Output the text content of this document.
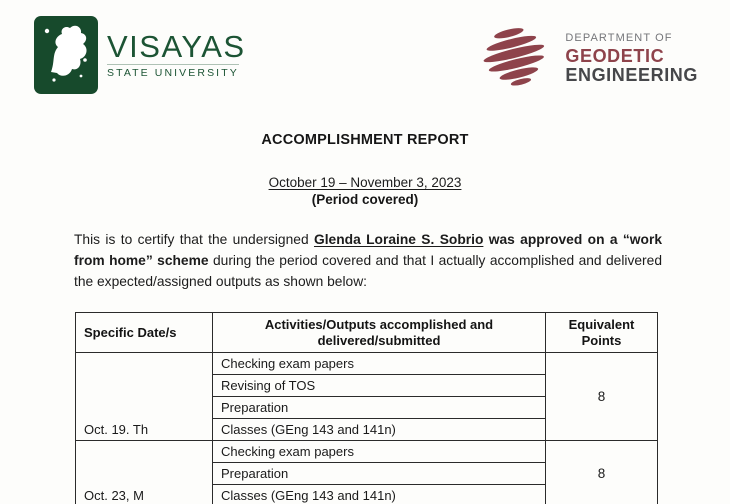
VISAYAS
STATE UNIVERSITY
DEPARTMENT OF
GEODETIC
ENGINEERING
ACCOMPLISHMENT REPORT
October 19 – November 3, 2023
(Period covered)
This is to certify that the undersigned Glenda Loraine S. Sobrio was approved on a “work from home” scheme during the period covered and that I actually accomplished and delivered the expected/assigned outputs as shown below:
Specific Date/s	Activities/Outputs accomplished and delivered/submitted	Equivalent Points
Oct. 19. Th	Checking exam papers	8
	Revising of TOS	
	Preparation	
	Classes (GEng 143 and 141n)	
Oct. 23, M	Checking exam papers	8
	Preparation	
	Classes (GEng 143 and 141n)	
